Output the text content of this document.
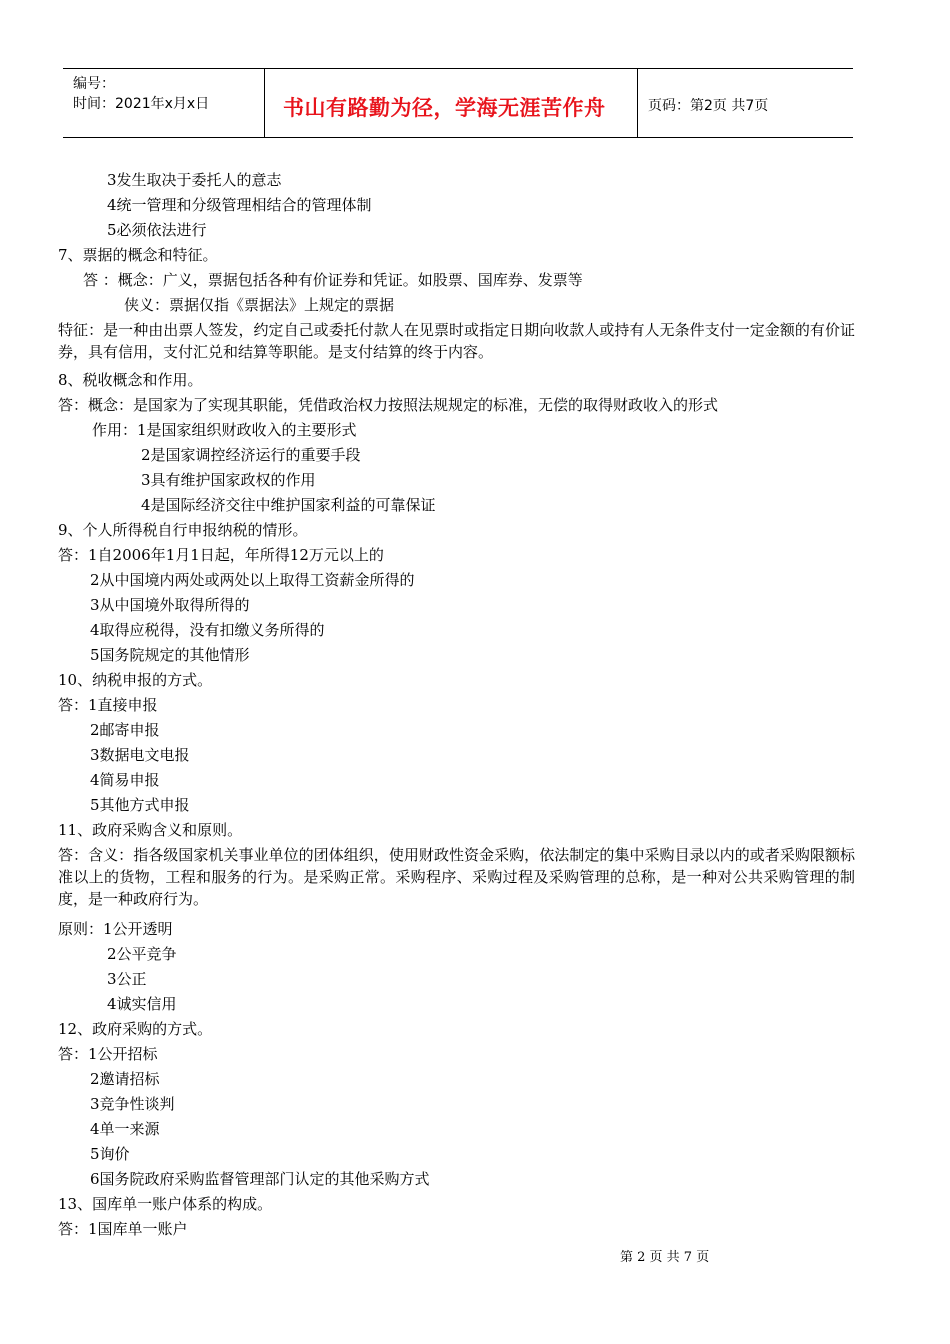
编号：
时间：2021年x月x日	书山有路勤为径，学海无涯苦作舟	页码：第2页 共7页
3发生取决于委托人的意志
4统一管理和分级管理相结合的管理体制
5必须依法进行
7、票据的概念和特征。
答 ：概念：广义，票据包括各种有价证券和凭证。如股票、国库券、发票等
侠义：票据仅指《票据法》上规定的票据
特征：是一种由出票人签发，约定自己或委托付款人在见票时或指定日期向收款人或持有人无条件支付一定金额的有价证券，具有信用，支付汇兑和结算等职能。是支付结算的终于内容。
8、税收概念和作用。
答：概念：是国家为了实现其职能，凭借政治权力按照法规规定的标准，无偿的取得财政收入的形式
作用：1是国家组织财政收入的主要形式
2是国家调控经济运行的重要手段
3具有维护国家政权的作用
4是国际经济交往中维护国家利益的可靠保证
9、个人所得税自行申报纳税的情形。
答：1自2006年1月1日起，年所得12万元以上的
2从中国境内两处或两处以上取得工资薪金所得的
3从中国境外取得所得的
4取得应税得，没有扣缴义务所得的
5国务院规定的其他情形
10、纳税申报的方式。
答：1直接申报
2邮寄申报
3数据电文电报
4简易申报
5其他方式申报
11、政府采购含义和原则。
答：含义：指各级国家机关事业单位的团体组织，使用财政性资金采购，依法制定的集中采购目录以内的或者采购限额标准以上的货物，工程和服务的行为。是采购正常。采购程序、采购过程及采购管理的总称，是一种对公共采购管理的制度，是一种政府行为。
原则：1公开透明
2公平竞争
3公正
4诚实信用
12、政府采购的方式。
答：1公开招标
2邀请招标
3竞争性谈判
4单一来源
5询价
6国务院政府采购监督管理部门认定的其他采购方式
13、国库单一账户体系的构成。
答：1国库单一账户
第 2 页 共 7 页
